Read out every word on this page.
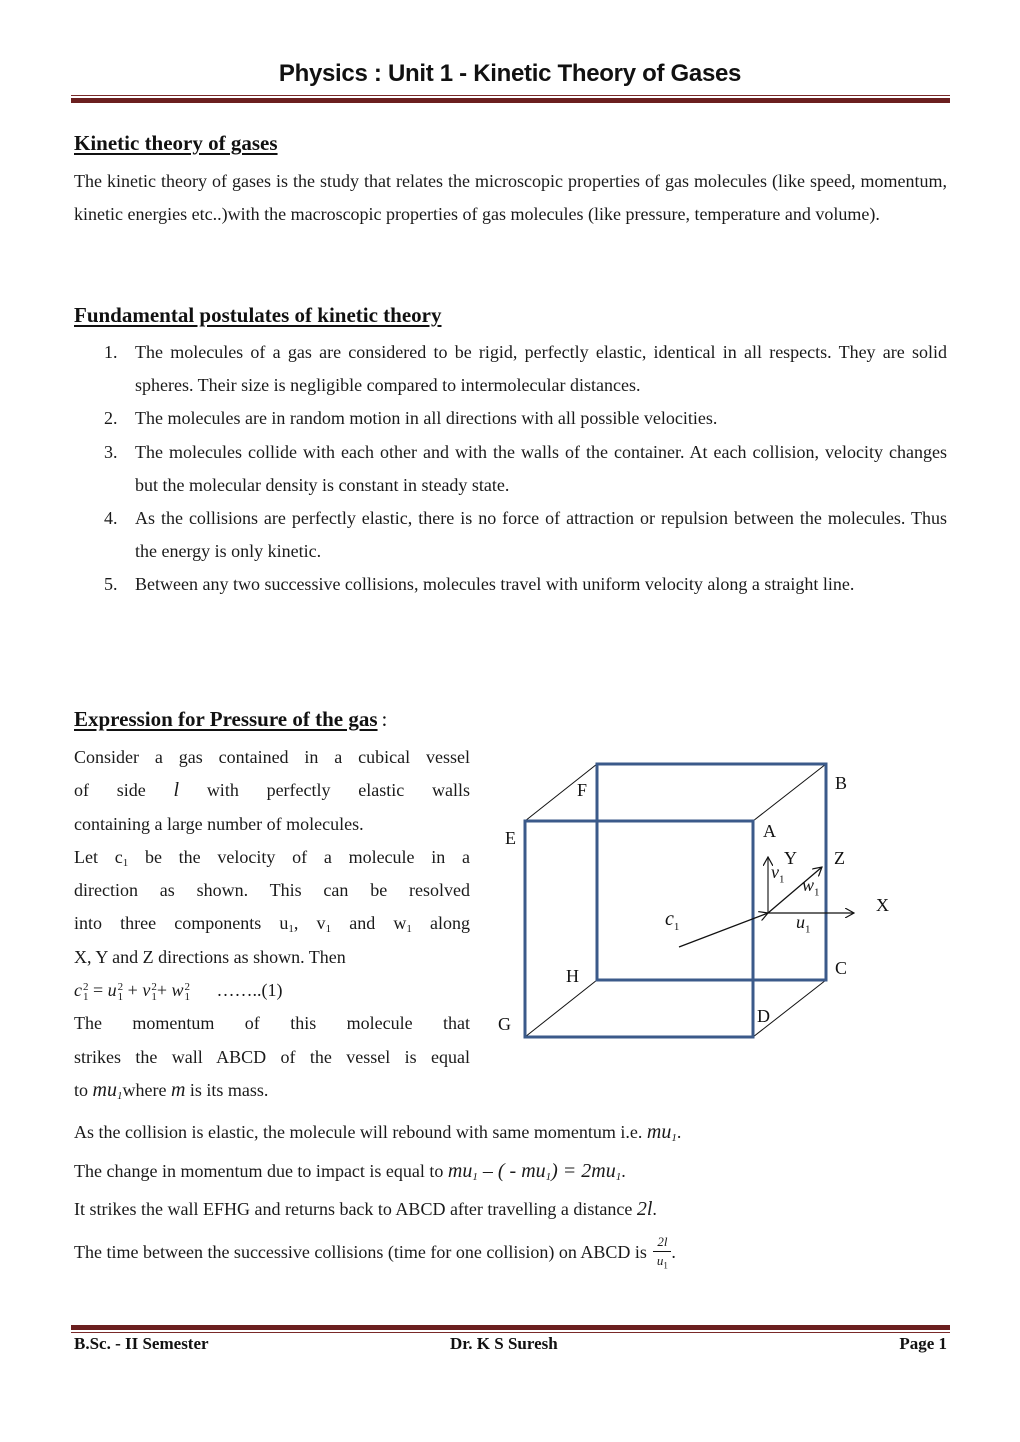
Physics : Unit 1 - Kinetic Theory of Gases
Kinetic theory of gases
The kinetic theory of gases is the study that relates the microscopic properties of gas molecules (like speed, momentum, kinetic energies etc..)with the macroscopic properties of gas molecules (like pressure, temperature and volume).
Fundamental postulates of kinetic theory
1. The molecules of a gas are considered to be rigid, perfectly elastic, identical in all respects. They are solid spheres. Their size is negligible compared to intermolecular distances.
2. The molecules are in random motion in all directions with all possible velocities.
3. The molecules collide with each other and with the walls of the container. At each collision, velocity changes but the molecular density is constant in steady state.
4. As the collisions are perfectly elastic, there is no force of attraction or repulsion between the molecules. Thus the energy is only kinetic.
5. Between any two successive collisions, molecules travel with uniform velocity along a straight line.
Expression for Pressure of the gas :
Consider a gas contained in a cubical vessel
of side l with perfectly elastic walls
containing a large number of molecules.
Let $c_1$ be the velocity of a molecule in a
direction as shown. This can be resolved
into three components $u_1$, $v_1$ and $w_1$ along
X, Y and Z directions as shown. Then
c 2
1 = u 2
1 + v 2
1 + w 2
1 ……..(1)
The momentum of this molecule that
strikes the wall ABCD of the vessel is equal
to $mu_1where$ m is its mass.
F	B
E	A
Y Z
X
$v_1$ $w_1$
$u_1$
$c_1$
C
H
D
G
As the collision is elastic, the molecule will rebound with same momentum i.e. $mu_1$.
The change in momentum due to impact is equal to $mu_1$ – ( - $mu_1) = 2mu_1$.
It strikes the wall EFHG and returns back to ABCD after travelling a distance 2l.
The time between the successive collisions (time for one collision) on ABCD is $\frac{2l}{u_1}$ .
B.Sc. - II Semester	Dr. K S Suresh	Page 1
